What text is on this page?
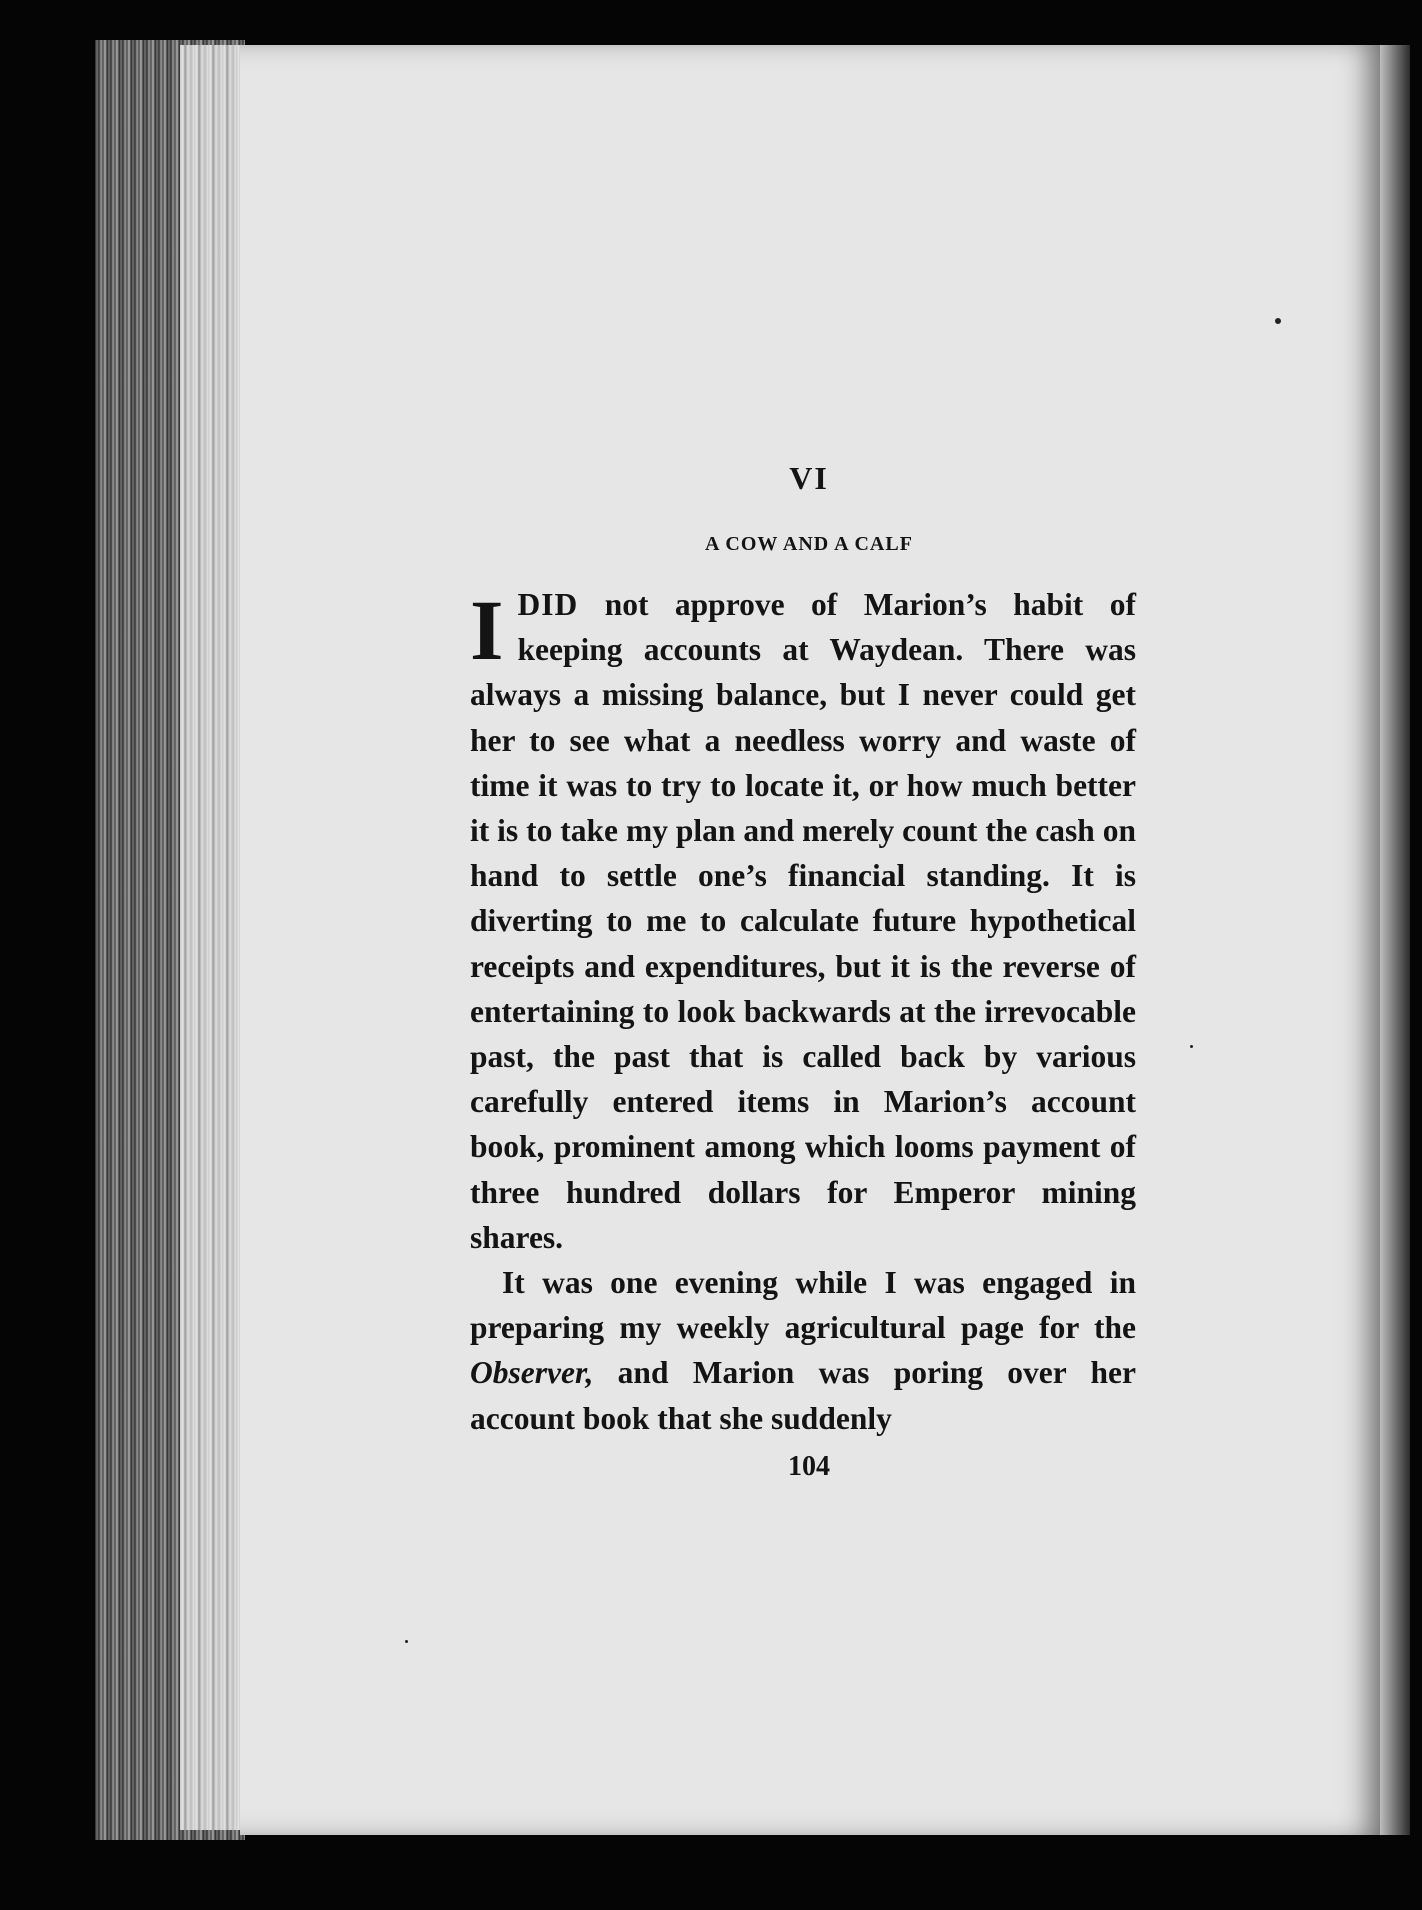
VI
A COW AND A CALF

IDID not approve of Marion’s habit of keeping accounts at Waydean. There was always a missing balance, but I never could get her to see what a needless worry and waste of time it was to try to locate it, or how much better it is to take my plan and merely count the cash on hand to settle one’s financial standing. It is diverting to me to calculate future hypothetical receipts and expenditures, but it is the reverse of entertaining to look backwards at the irrevocable past, the past that is called back by various carefully entered items in Marion’s account book, prominent among which looms payment of three hundred dollars for Emperor mining shares.

It was one evening while I was engaged in preparing my weekly agricultural page for the Observer, and Marion was poring over her account book that she suddenly

104
